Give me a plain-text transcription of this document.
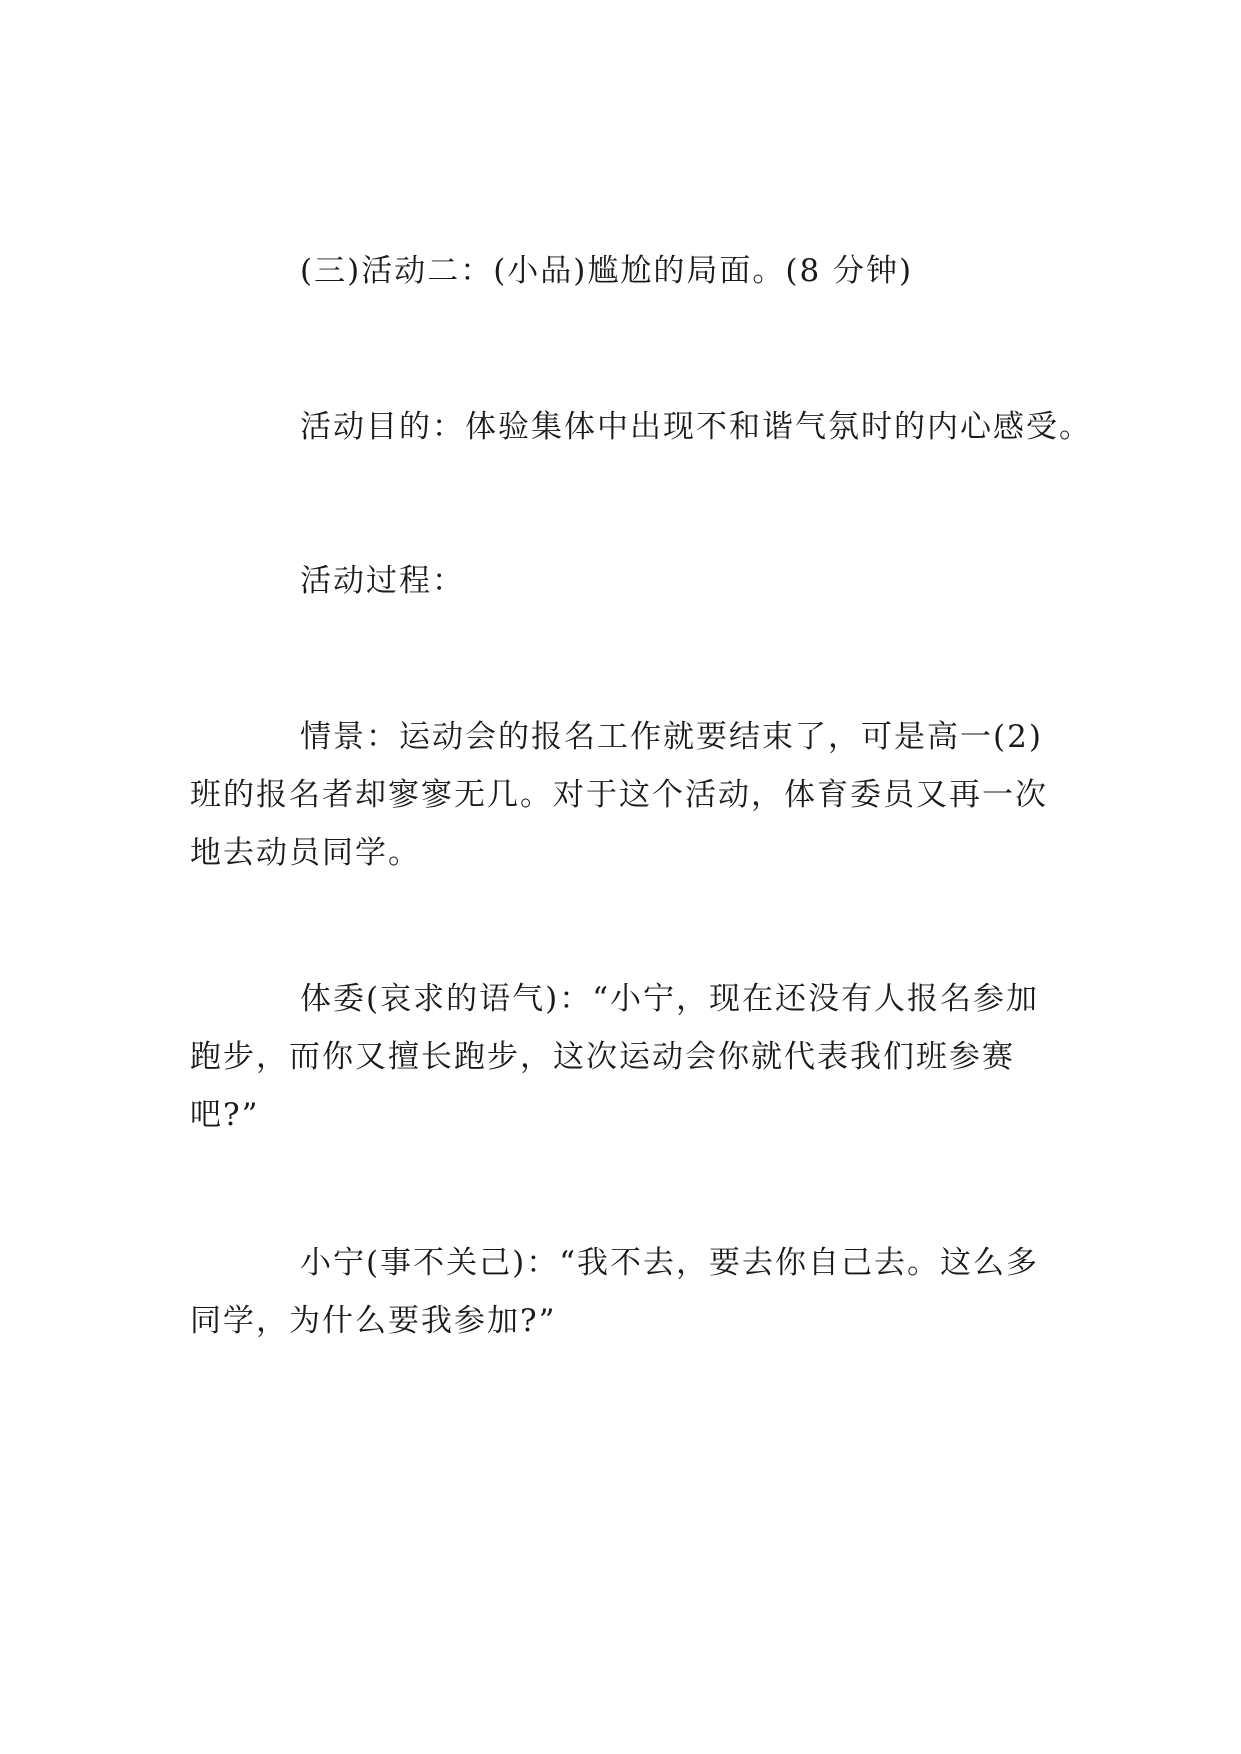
(三)活动二：(小品)尴尬的局面。(8 分钟)

活动目的：体验集体中出现不和谐气氛时的内心感受。

活动过程：

情景：运动会的报名工作就要结束了，可是高一(2)
班的报名者却寥寥无几。对于这个活动，体育委员又再一次
地去动员同学。

体委(哀求的语气)：“小宁，现在还没有人报名参加
跑步，而你又擅长跑步，这次运动会你就代表我们班参赛
吧?”

小宁(事不关己)：“我不去，要去你自己去。这么多
同学，为什么要我参加?”
